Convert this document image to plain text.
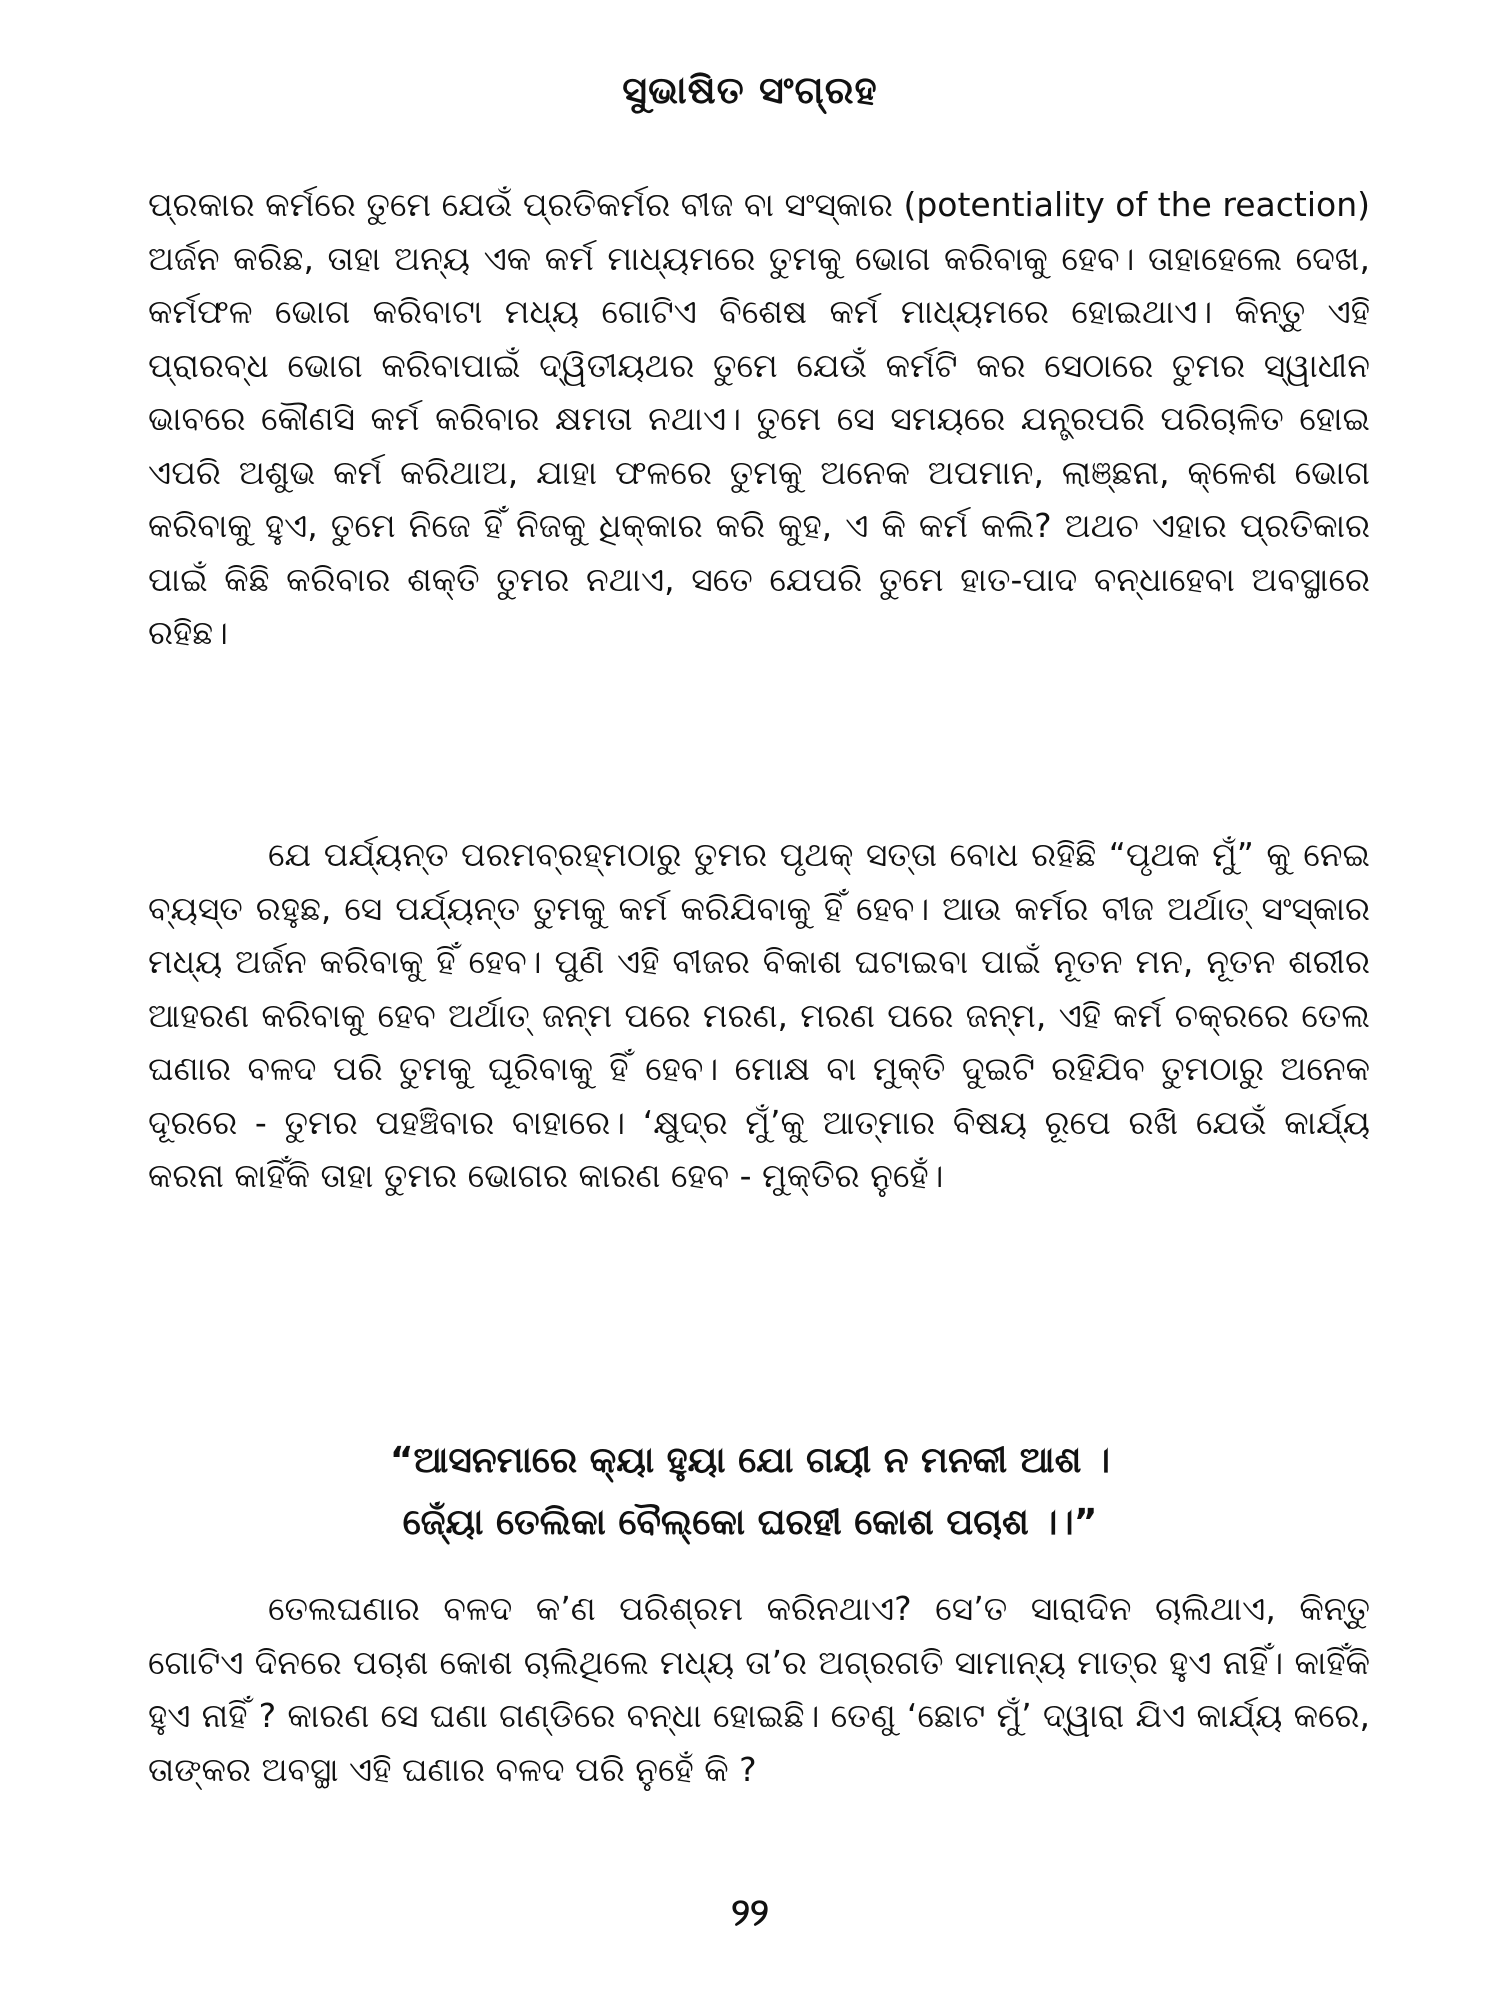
ସୁଭାଷିତ ସଂଗ୍ରହ
ପ୍ରକାର କର୍ମରେ ତୁମେ ଯେଉଁ ପ୍ରତିକର୍ମର ବୀଜ ବା ସଂସ୍କାର (potentiality of the reaction) ଅର୍ଜନ କରିଛ, ତାହା ଅନ୍ୟ ଏକ କର୍ମ ମାଧ୍ୟମରେ ତୁମକୁ ଭୋଗ କରିବାକୁ ହେବ। ତାହାହେଲେ ଦେଖ, କର୍ମଫଳ ଭୋଗ କରିବାଟା ମଧ୍ୟ ଗୋଟିଏ ବିଶେଷ କର୍ମ ମାଧ୍ୟମରେ ହୋଇଥାଏ। କିନ୍ତୁ ଏହି ପ୍ରାରବ୍ଧ ଭୋଗ କରିବାପାଇଁ ଦ୍ୱିତୀୟଥର ତୁମେ ଯେଉଁ କର୍ମଟି କର ସେଠାରେ ତୁମର ସ୍ୱାଧୀନ ଭାବରେ କୌଣସି କର୍ମ କରିବାର କ୍ଷମତା ନଥାଏ। ତୁମେ ସେ ସମୟରେ ଯନ୍ତ୍ରପରି ପରିଚାଳିତ ହୋଇ ଏପରି ଅଶୁଭ କର୍ମ କରିଥାଅ, ଯାହା ଫଳରେ ତୁମକୁ ଅନେକ ଅପମାନ, ଲାଞ୍ଛନା, କ୍ଳେଶ ଭୋଗ କରିବାକୁ ହୁଏ, ତୁମେ ନିଜେ ହିଁ ନିଜକୁ ଧିକ୍କାର କରି କୁହ, ଏ କି କର୍ମ କଲି? ଅଥଚ ଏହାର ପ୍ରତିକାର ପାଇଁ କିଛି କରିବାର ଶକ୍ତି ତୁମର ନଥାଏ, ସତେ ଯେପରି ତୁମେ ହାତ-ପାଦ ବନ୍ଧାହେବା ଅବସ୍ଥାରେ ରହିଛ।
ଯେ ପର୍ଯ୍ୟନ୍ତ ପରମବ୍ରହ୍ମଠାରୁ ତୁମର ପୃଥକ୍ ସତ୍ତା ବୋଧ ରହିଛି “ପୃଥକ ମୁଁ” କୁ ନେଇ ବ୍ୟସ୍ତ ରହୁଛ, ସେ ପର୍ଯ୍ୟନ୍ତ ତୁମକୁ କର୍ମ କରିଯିବାକୁ ହିଁ ହେବ। ଆଉ କର୍ମର ବୀଜ ଅର୍ଥାତ୍ ସଂସ୍କାର ମଧ୍ୟ ଅର୍ଜନ କରିବାକୁ ହିଁ ହେବ। ପୁଣି ଏହି ବୀଜର ବିକାଶ ଘଟାଇବା ପାଇଁ ନୂତନ ମନ, ନୂତନ ଶରୀର ଆହରଣ କରିବାକୁ ହେବ ଅର୍ଥାତ୍ ଜନ୍ମ ପରେ ମରଣ, ମରଣ ପରେ ଜନ୍ମ, ଏହି କର୍ମ ଚକ୍ରରେ ତେଲ ଘଣାର ବଳଦ ପରି ତୁମକୁ ଘୂରିବାକୁ ହିଁ ହେବ। ମୋକ୍ଷ ବା ମୁକ୍ତି ଦୁଇଟି ରହିଯିବ ତୁମଠାରୁ ଅନେକ ଦୂରରେ - ତୁମର ପହଞ୍ଚିବାର ବାହାରେ। ‘କ୍ଷୁଦ୍ର ମୁଁ’କୁ ଆତ୍ମାର ବିଷୟ ରୂପେ ରଖି ଯେଉଁ କାର୍ଯ୍ୟ କରନା କାହିଁକି ତାହା ତୁମର ଭୋଗର କାରଣ ହେବ - ମୁକ୍ତିର ନୁହେଁ।
“ଆସନମାରେ କ୍ୟା ହୁୟା ଯୋ ଗୟୀ ନ ମନକୀ ଆଶ ।
ଜ୍ୟୋଁ ତେଲିକା ବୈଲ୍‌କୋ ଘରହୀ କୋଶ ପଚାଶ ।।”
ତେଲଘଣାର ବଳଦ କ’ଣ ପରିଶ୍ରମ କରିନଥାଏ? ସେ’ତ ସାରାଦିନ ଚାଲିଥାଏ, କିନ୍ତୁ ଗୋଟିଏ ଦିନରେ ପଚାଶ କୋଶ ଚାଲିଥିଲେ ମଧ୍ୟ ତା’ର ଅଗ୍ରଗତି ସାମାନ୍ୟ ମାତ୍ର ହୁଏ ନାହିଁ। କାହିଁକି ହୁଏ ନାହିଁ ? କାରଣ ସେ ଘଣା ଗଣ୍ଡିରେ ବନ୍ଧା ହୋଇଛି। ତେଣୁ ‘ଛୋଟ ମୁଁ’ ଦ୍ୱାରା ଯିଏ କାର୍ଯ୍ୟ କରେ, ତାଙ୍କର ଅବସ୍ଥା ଏହି ଘଣାର ବଳଦ ପରି ନୁହେଁ କି ?
୨୨
